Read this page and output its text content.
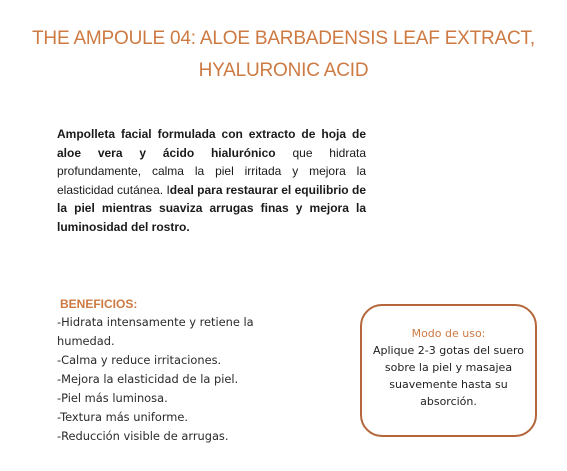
THE AMPOULE 04: ALOE BARBADENSIS LEAF EXTRACT,
HYALURONIC ACID

Ampolleta facial formulada con extracto de hoja de aloe vera y ácido hialurónico que hidrata profundamente, calma la piel irritada y mejora la elasticidad cutánea. Ideal para restaurar el equilibrio de la piel mientras suaviza arrugas finas y mejora la luminosidad del rostro.

BENEFICIOS:
-Hidrata intensamente y retiene la humedad.
-Calma y reduce irritaciones.
-Mejora la elasticidad de la piel.
-Piel más luminosa.
-Textura más uniforme.
-Reducción visible de arrugas.

Modo de uso:

Aplique 2-3 gotas del suero sobre la piel y masajea suavemente hasta su absorción.
